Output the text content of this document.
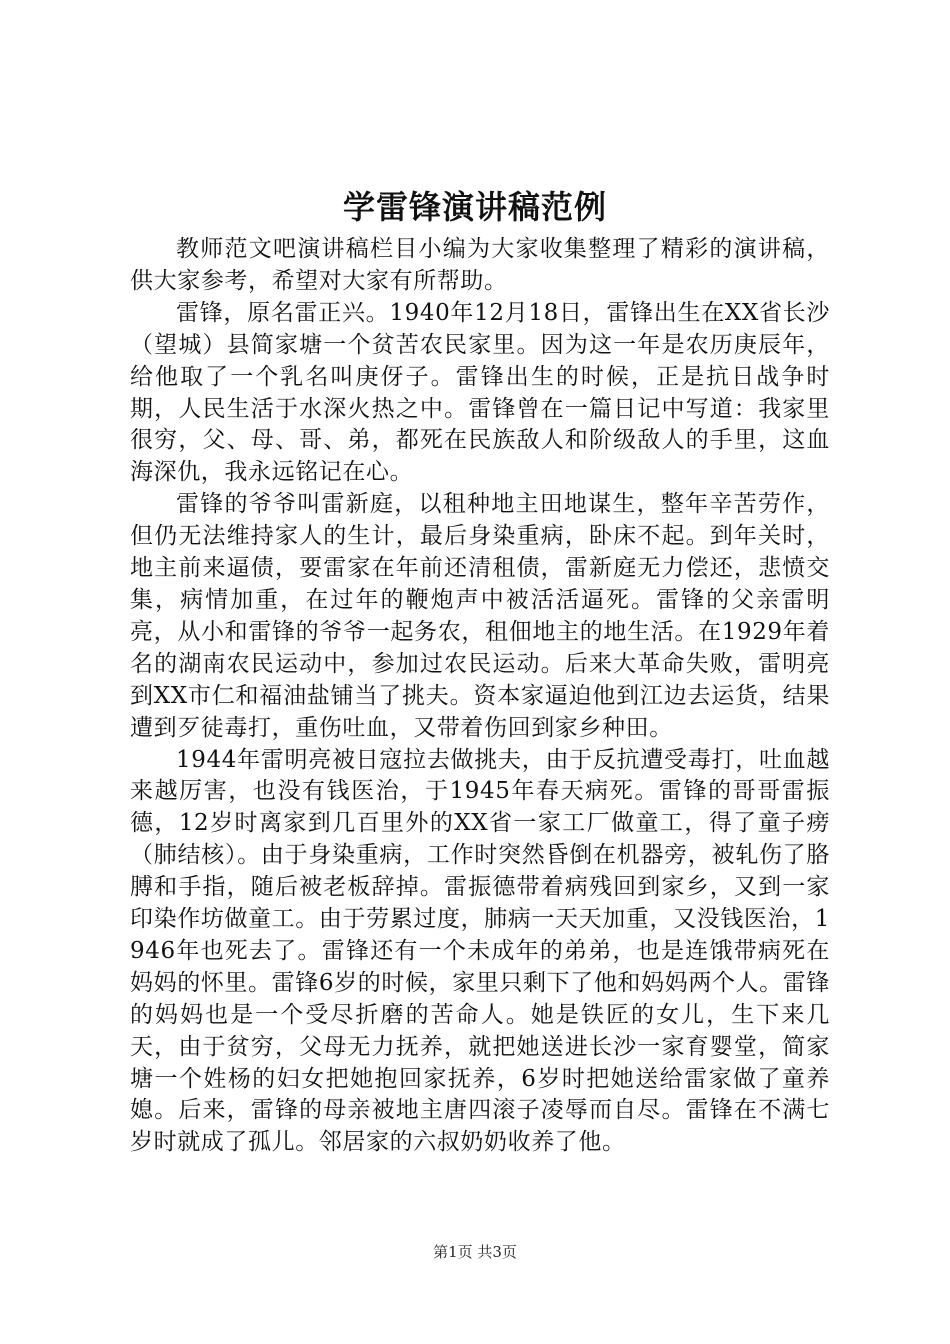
学雷锋演讲稿范例

教师范文吧演讲稿栏目小编为大家收集整理了精彩的演讲稿，供大家参考，希望对大家有所帮助。

雷锋，原名雷正兴。1940年12月18日，雷锋出生在XX省长沙（望城）县简家塘一个贫苦农民家里。因为这一年是农历庚辰年，给他取了一个乳名叫庚伢子。雷锋出生的时候，正是抗日战争时期，人民生活于水深火热之中。雷锋曾在一篇日记中写道：我家里很穷，父、母、哥、弟，都死在民族敌人和阶级敌人的手里，这血海深仇，我永远铭记在心。

雷锋的爷爷叫雷新庭，以租种地主田地谋生，整年辛苦劳作，但仍无法维持家人的生计，最后身染重病，卧床不起。到年关时，地主前来逼债，要雷家在年前还清租债，雷新庭无力偿还，悲愤交集，病情加重，在过年的鞭炮声中被活活逼死。雷锋的父亲雷明亮，从小和雷锋的爷爷一起务农，租佃地主的地生活。在1929年着名的湖南农民运动中，参加过农民运动。后来大革命失败，雷明亮到XX市仁和福油盐铺当了挑夫。资本家逼迫他到江边去运货，结果遭到歹徒毒打，重伤吐血，又带着伤回到家乡种田。

1944年雷明亮被日寇拉去做挑夫，由于反抗遭受毒打，吐血越来越厉害，也没有钱医治，于1945年春天病死。雷锋的哥哥雷振德，12岁时离家到几百里外的XX省一家工厂做童工，得了童子痨（肺结核）。由于身染重病，工作时突然昏倒在机器旁，被轧伤了胳膊和手指，随后被老板辞掉。雷振德带着病残回到家乡，又到一家印染作坊做童工。由于劳累过度，肺病一天天加重，又没钱医治，1946年也死去了。雷锋还有一个未成年的弟弟，也是连饿带病死在妈妈的怀里。雷锋6岁的时候，家里只剩下了他和妈妈两个人。雷锋的妈妈也是一个受尽折磨的苦命人。她是铁匠的女儿，生下来几天，由于贫穷，父母无力抚养，就把她送进长沙一家育婴堂，简家塘一个姓杨的妇女把她抱回家抚养，6岁时把她送给雷家做了童养媳。后来，雷锋的母亲被地主唐四滚子凌辱而自尽。雷锋在不满七岁时就成了孤儿。邻居家的六叔奶奶收养了他。

第1页 共3页
